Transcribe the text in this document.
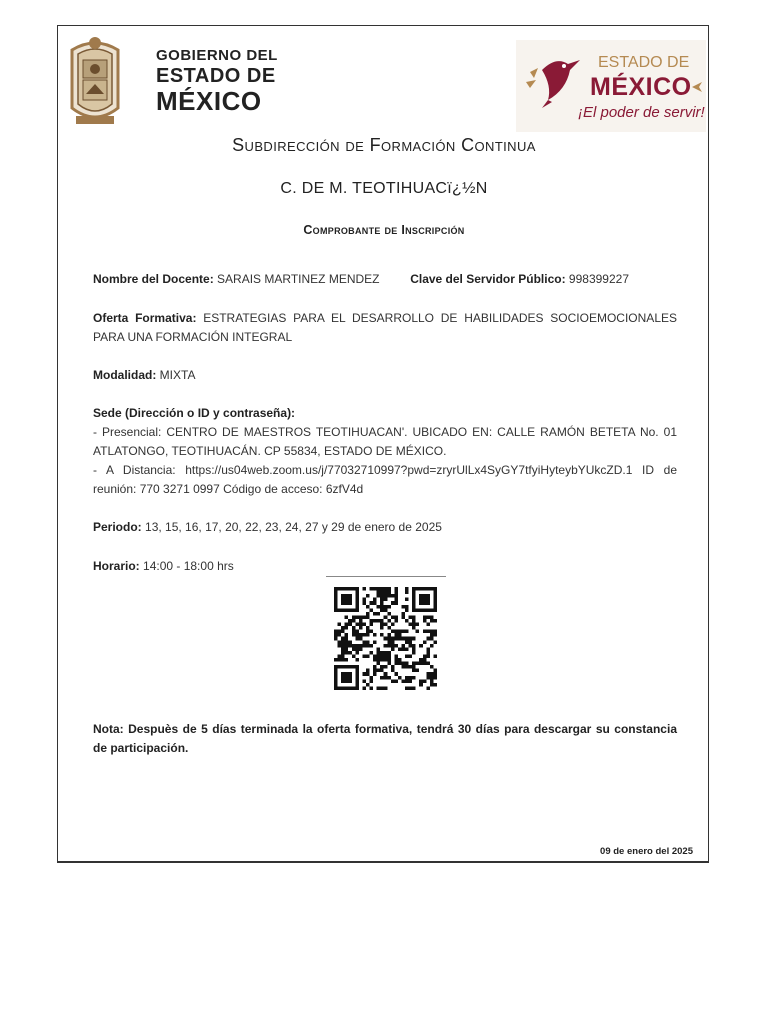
GOBIERNO DEL
ESTADO DE
MÉXICO
ESTADO DE
MÉXICO
¡El poder de servir!
Subdirección de Formación Continua
C. DE M. TEOTIHUACï¿½N
Comprobante de Inscripción
Nombre del Docente: SARAIS MARTINEZ MENDEZ	Clave del Servidor Público: 998399227
Oferta Formativa: ESTRATEGIAS PARA EL DESARROLLO DE HABILIDADES SOCIOEMOCIONALES PARA UNA FORMACIÓN INTEGRAL
Modalidad: MIXTA
Sede (Dirección o ID y contraseña):
- Presencial: CENTRO DE MAESTROS TEOTIHUACAN'. UBICADO EN: CALLE RAMÓN BETETA No. 01 ATLATONGO, TEOTIHUACÁN. CP 55834, ESTADO DE MÉXICO.
- A Distancia: https://us04web.zoom.us/j/77032710997?pwd=zryrUlLx4SyGY7tfyiHyteybYUkcZD.1 ID de reunión: 770 3271 0997 Código de acceso: 6zfV4d
Periodo: 13, 15, 16, 17, 20, 22, 23, 24, 27 y 29 de enero de 2025
Horario: 14:00 - 18:00 hrs
Nota: Despuès de 5 días terminada la oferta formativa, tendrá 30 días para descargar su constancia de participación.
09 de enero del 2025
